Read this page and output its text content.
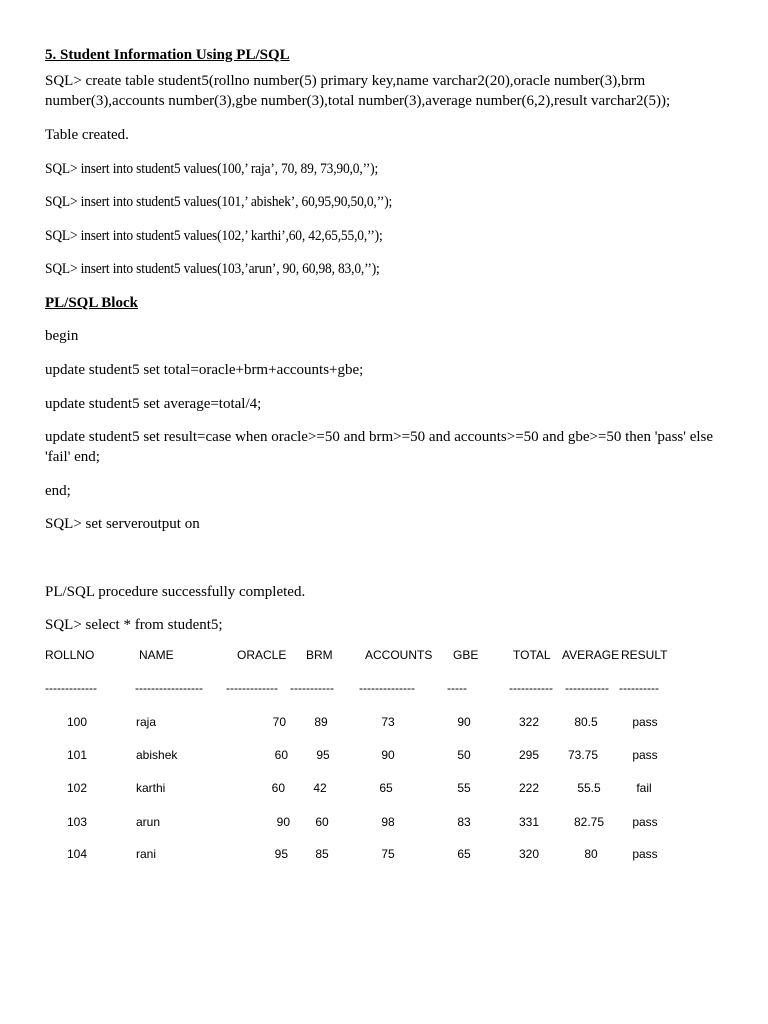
5. Student Information Using PL/SQL
SQL> create table student5(rollno number(5) primary key,name varchar2(20),oracle number(3),brm number(3),accounts number(3),gbe number(3),total number(3),average number(6,2),result varchar2(5));
Table created.
SQL> insert into student5 values(100,’ raja’, 70, 89, 73,90,0,’’);
SQL> insert into student5 values(101,’ abishek’, 60,95,90,50,0,’’);
SQL> insert into student5 values(102,’ karthi’,60, 42,65,55,0,’’);
SQL> insert into student5 values(103,’arun’, 90, 60,98, 83,0,’’);
PL/SQL Block
begin
update student5 set total=oracle+brm+accounts+gbe;
update student5 set average=total/4;
update student5 set result=case when oracle>=50 and brm>=50 and accounts>=50 and gbe>=50 then 'pass' else 'fail' end;
end;
SQL> set serveroutput on
PL/SQL procedure successfully completed.
SQL> select * from student5;
ROLLNO	NAME	ORACLE BRM	ACCOUNTS GBE	TOTAL AVERAGE RESULT
-------------	----------------- ------------- ----------- --------------	-----	----------- ----------- ----------
100	raja	70	89	73	90	322	80.5	pass
101	abishek	60	95	90	50	295	73.75	pass
102	karthi	60	42	65	55	222	55.5	fail
103	arun	90	60	98	83	331	82.75	pass
104	rani	95	85	75	65	320	80	pass
